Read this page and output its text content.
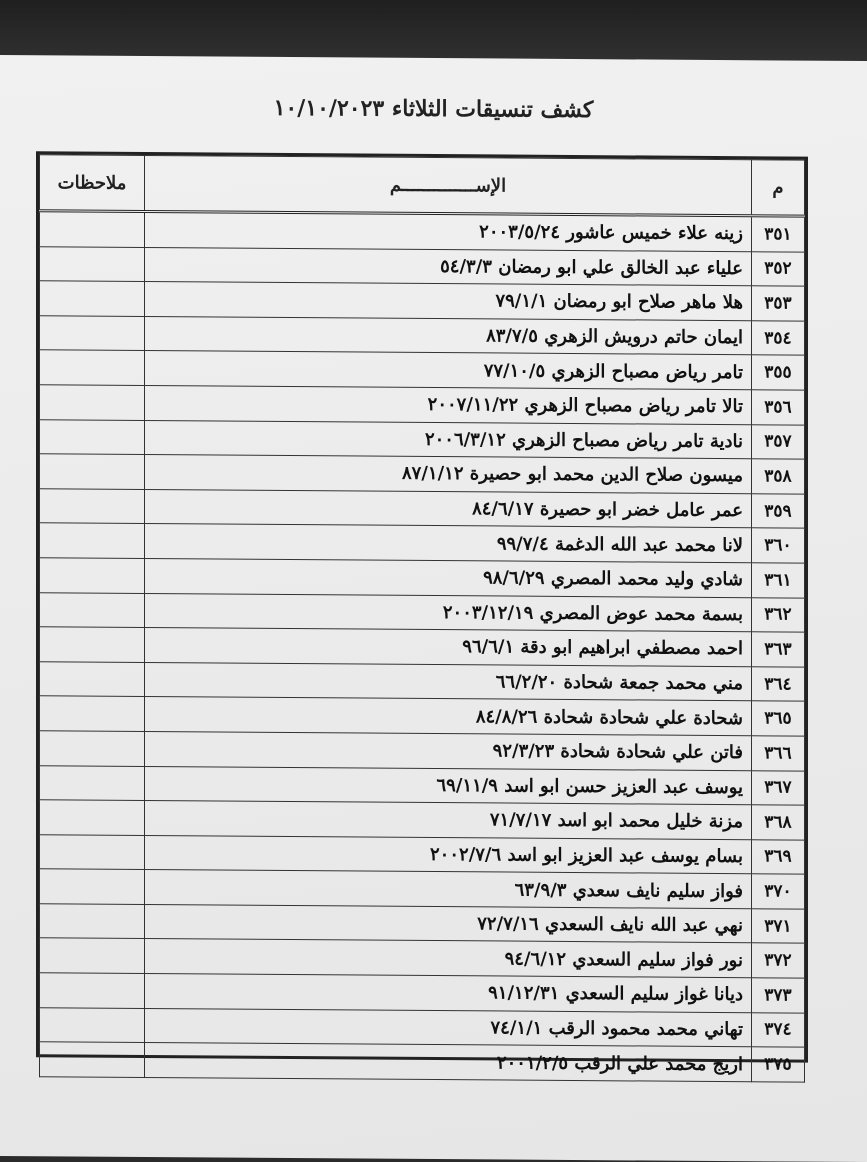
كشف تنسيقات الثلاثاء ١٠/١٠/٢٠٢٣
م	الإســــــــــــــم	ملاحظات
٣٥١	زينه علاء خميس عاشور ٢٠٠٣/٥/٢٤	
٣٥٢	علياء عبد الخالق علي ابو رمضان ٥٤/٣/٣	
٣٥٣	هلا ماهر صلاح ابو رمضان ٧٩/١/١	
٣٥٤	ايمان حاتم درويش الزهري ٨٣/٧/٥	
٣٥٥	تامر رياض مصباح الزهري ٧٧/١٠/٥	
٣٥٦	تالا تامر رياض مصباح الزهري ٢٠٠٧/١١/٢٢	
٣٥٧	نادية تامر رياض مصباح الزهري ٢٠٠٦/٣/١٢	
٣٥٨	ميسون صلاح الدين محمد ابو حصيرة ٨٧/١/١٢	
٣٥٩	عمر عامل خضر ابو حصيرة ٨٤/٦/١٧	
٣٦٠	لانا محمد عبد الله الدغمة ٩٩/٧/٤	
٣٦١	شادي وليد محمد المصري ٩٨/٦/٢٩	
٣٦٢	بسمة محمد عوض المصري ٢٠٠٣/١٢/١٩	
٣٦٣	احمد مصطفي ابراهيم ابو دقة ٩٦/٦/١	
٣٦٤	مني محمد جمعة شحادة ٦٦/٢/٢٠	
٣٦٥	شحادة علي شحادة شحادة ٨٤/٨/٢٦	
٣٦٦	فاتن علي شحادة شحادة ٩٢/٣/٢٣	
٣٦٧	يوسف عبد العزيز حسن ابو اسد ٦٩/١١/٩	
٣٦٨	مزنة خليل محمد ابو اسد ٧١/٧/١٧	
٣٦٩	بسام يوسف عبد العزيز ابو اسد ٢٠٠٢/٧/٦	
٣٧٠	فواز سليم نايف سعدي ٦٣/٩/٣	
٣٧١	نهي عبد الله نايف السعدي ٧٢/٧/١٦	
٣٧٢	نور فواز سليم السعدي ٩٤/٦/١٢	
٣٧٣	ديانا غواز سليم السعدي ٩١/١٢/٣١	
٣٧٤	تهاني محمد محمود الرقب ٧٤/١/١	
٣٧٥	اريج محمد علي الرقب ٢٠٠١/٢/٥	
